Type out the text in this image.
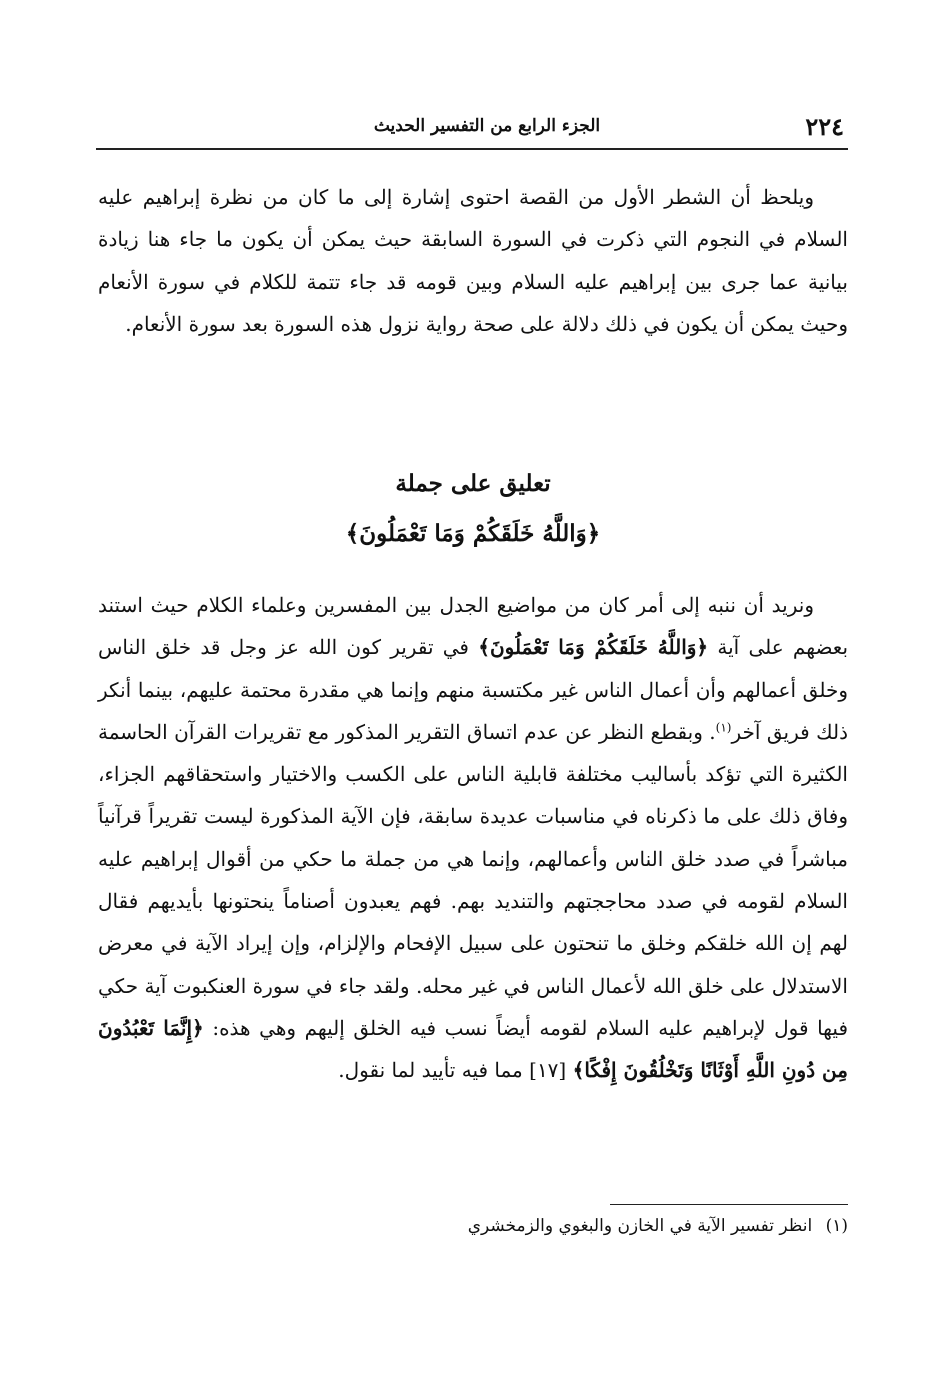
الجزء الرابع من التفسير الحديث	٢٢٤

ويلحظ أن الشطر الأول من القصة احتوى إشارة إلى ما كان من نظرة إبراهيم عليه السلام في النجوم التي ذكرت في السورة السابقة حيث يمكن أن يكون ما جاء هنا زيادة بيانية عما جرى بين إبراهيم عليه السلام وبين قومه قد جاء تتمة للكلام في سورة الأنعام وحيث يمكن أن يكون في ذلك دلالة على صحة رواية نزول هذه السورة بعد سورة الأنعام.

تعليق على جملة
﴿وَاللَّهُ خَلَقَكُمْ وَمَا تَعْمَلُونَ﴾

ونريد أن ننبه إلى أمر كان من مواضيع الجدل بين المفسرين وعلماء الكلام حيث استند بعضهم على آية ﴿وَاللَّهُ خَلَقَكُمْ وَمَا تَعْمَلُونَ﴾ في تقرير كون الله عز وجل قد خلق الناس وخلق أعمالهم وأن أعمال الناس غير مكتسبة منهم وإنما هي مقدرة محتمة عليهم، بينما أنكر ذلك فريق آخر$^{(١)}$. وبقطع النظر عن عدم اتساق التقرير المذكور مع تقريرات القرآن الحاسمة الكثيرة التي تؤكد بأساليب مختلفة قابلية الناس على الكسب والاختيار واستحقاقهم الجزاء، وفاق ذلك على ما ذكرناه في مناسبات عديدة سابقة، فإن الآية المذكورة ليست تقريراً قرآنياً مباشراً في صدد خلق الناس وأعمالهم، وإنما هي من جملة ما حكي من أقوال إبراهيم عليه السلام لقومه في صدد محاججتهم والتنديد بهم. فهم يعبدون أصناماً ينحتونها بأيديهم فقال لهم إن الله خلقكم وخلق ما تنحتون على سبيل الإفحام والإلزام، وإن إيراد الآية في معرض الاستدلال على خلق الله لأعمال الناس في غير محله. ولقد جاء في سورة العنكبوت آية حكي فيها قول لإبراهيم عليه السلام لقومه أيضاً نسب فيه الخلق إليهم وهي هذه: ﴿إِنَّمَا تَعْبُدُونَ مِن دُونِ اللَّهِ أَوْثَانًا وَتَخْلُقُونَ إِفْكًا﴾ [١٧] مما فيه تأييد لما نقول.

(١) انظر تفسير الآية في الخازن والبغوي والزمخشري
